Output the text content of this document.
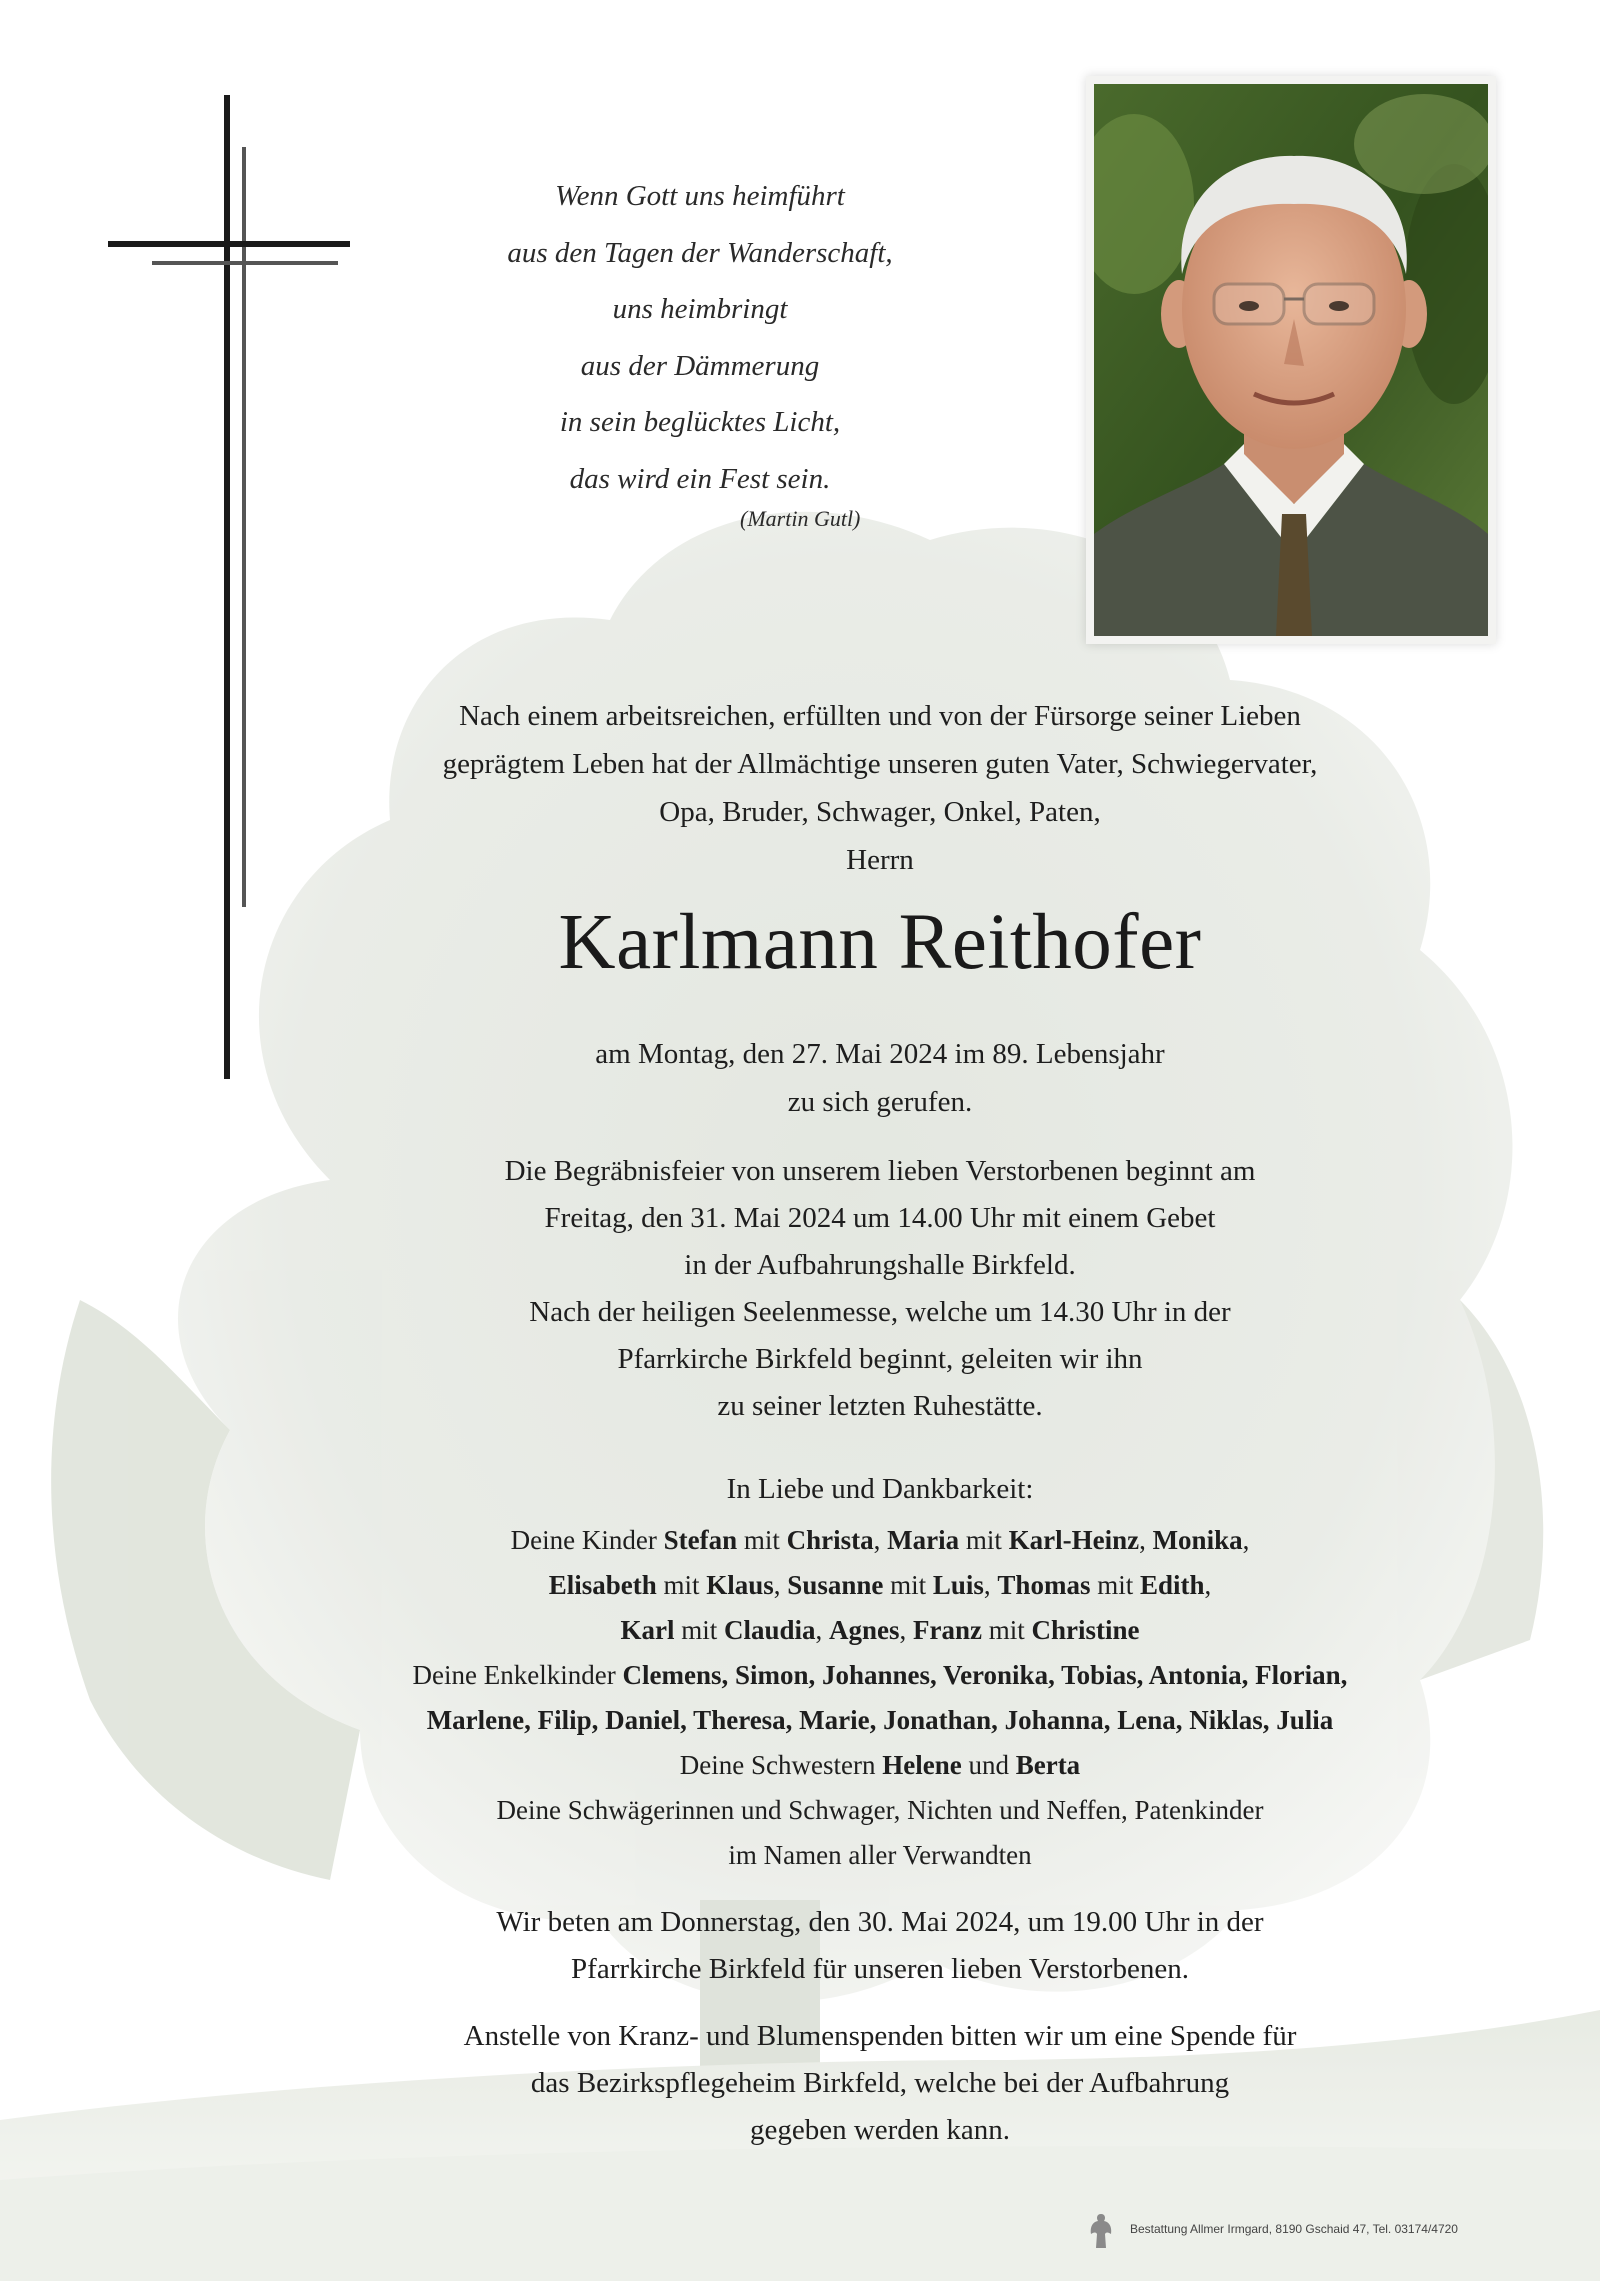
Wenn Gott uns heimführt
aus den Tagen der Wanderschaft,
uns heimbringt
aus der Dämmerung
in sein beglücktes Licht,
das wird ein Fest sein.
(Martin Gutl)
Nach einem arbeitsreichen, erfüllten und von der Fürsorge seiner Lieben
geprägtem Leben hat der Allmächtige unseren guten Vater, Schwiegervater,
Opa, Bruder, Schwager, Onkel, Paten,
Herrn
Karlmann Reithofer
am Montag, den 27. Mai 2024 im 89. Lebensjahr
zu sich gerufen.
Die Begräbnisfeier von unserem lieben Verstorbenen beginnt am
Freitag, den 31. Mai 2024 um 14.00 Uhr mit einem Gebet
in der Aufbahrungshalle Birkfeld.
Nach der heiligen Seelenmesse, welche um 14.30 Uhr in der
Pfarrkirche Birkfeld beginnt, geleiten wir ihn
zu seiner letzten Ruhestätte.
In Liebe und Dankbarkeit:
Deine Kinder Stefan mit Christa, Maria mit Karl-Heinz, Monika,
Elisabeth mit Klaus, Susanne mit Luis, Thomas mit Edith,
Karl mit Claudia, Agnes, Franz mit Christine
Deine Enkelkinder Clemens, Simon, Johannes, Veronika, Tobias, Antonia, Florian,
Marlene, Filip, Daniel, Theresa, Marie, Jonathan, Johanna, Lena, Niklas, Julia
Deine Schwestern Helene und Berta
Deine Schwägerinnen und Schwager, Nichten und Neffen, Patenkinder
im Namen aller Verwandten
Wir beten am Donnerstag, den 30. Mai 2024, um 19.00 Uhr in der
Pfarrkirche Birkfeld für unseren lieben Verstorbenen.
Anstelle von Kranz- und Blumenspenden bitten wir um eine Spende für
das Bezirkspflegeheim Birkfeld, welche bei der Aufbahrung
gegeben werden kann.
Bestattung Allmer Irmgard, 8190 Gschaid 47, Tel. 03174/4720
